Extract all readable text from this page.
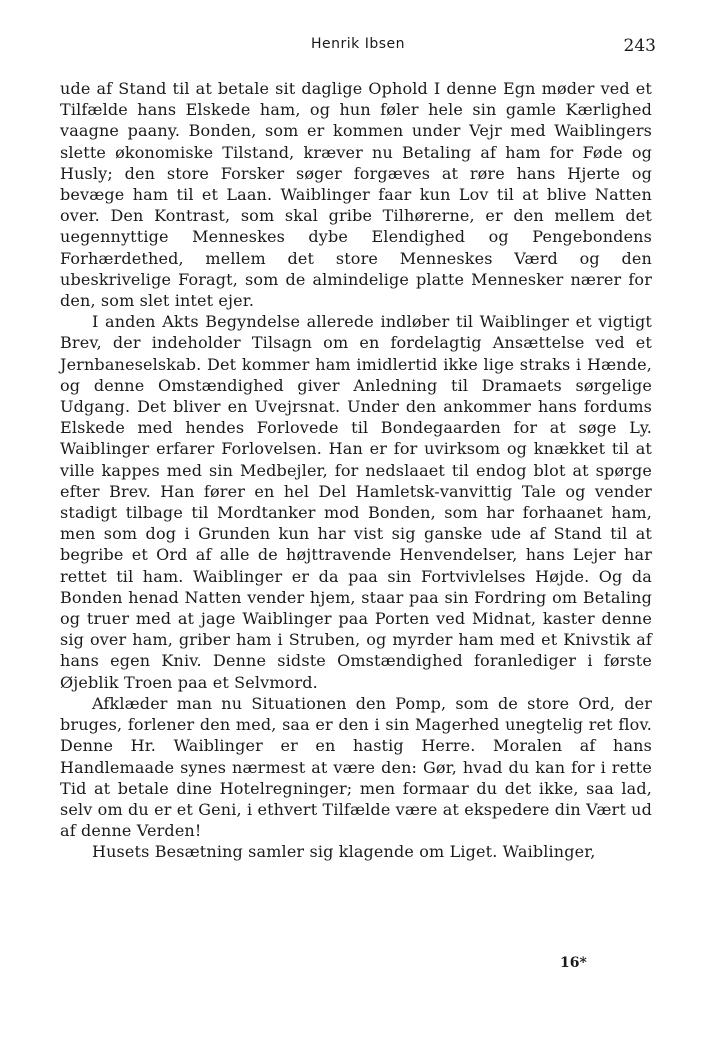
Henrik Ibsen	243

ude af Stand til at betale sit daglige Ophold I denne Egn møder ved et Tilfælde hans Elskede ham, og hun føler hele sin gamle Kærlighed vaagne paany. Bonden, som er kommen under Vejr med Waiblingers slette økonomiske Tilstand, kræver nu Betaling af ham for Føde og Husly; den store Forsker søger forgæves at røre hans Hjerte og bevæge ham til et Laan. Waiblinger faar kun Lov til at blive Natten over. Den Kontrast, som skal gribe Tilhørerne, er den mellem det uegennyttige Menneskes dybe Elendighed og Pengebondens Forhærdethed, mellem det store Menneskes Værd og den ubeskrivelige Foragt, som de almindelige platte Mennesker nærer for den, som slet intet ejer.

I anden Akts Begyndelse allerede indløber til Waiblinger et vigtigt Brev, der indeholder Tilsagn om en fordelagtig Ansættelse ved et Jernbaneselskab. Det kommer ham imidlertid ikke lige straks i Hænde, og denne Omstændighed giver Anledning til Dramaets sørgelige Udgang. Det bliver en Uvejrsnat. Under den ankommer hans fordums Elskede med hendes Forlovede til Bondegaarden for at søge Ly. Waiblinger erfarer Forlovelsen. Han er for uvirksom og knækket til at ville kappes med sin Medbejler, for nedslaaet til endog blot at spørge efter Brev. Han fører en hel Del Hamletsk-vanvittig Tale og vender stadigt tilbage til Mordtanker mod Bonden, som har forhaanet ham, men som dog i Grunden kun har vist sig ganske ude af Stand til at begribe et Ord af alle de højttravende Henvendelser, hans Lejer har rettet til ham. Waiblinger er da paa sin Fortvivlelses Højde. Og da Bonden henad Natten vender hjem, staar paa sin Fordring om Betaling og truer med at jage Waiblinger paa Porten ved Midnat, kaster denne sig over ham, griber ham i Struben, og myrder ham med et Knivstik af hans egen Kniv. Denne sidste Omstændighed foranlediger i første Øjeblik Troen paa et Selvmord.

Afklæder man nu Situationen den Pomp, som de store Ord, der bruges, forlener den med, saa er den i sin Magerhed unegtelig ret flov. Denne Hr. Waiblinger er en hastig Herre. Moralen af hans Handlemaade synes nærmest at være den: Gør, hvad du kan for i rette Tid at betale dine Hotelregninger; men formaar du det ikke, saa lad, selv om du er et Geni, i ethvert Tilfælde være at ekspedere din Vært ud af denne Verden!

Husets Besætning samler sig klagende om Liget. Waiblinger,

16*
